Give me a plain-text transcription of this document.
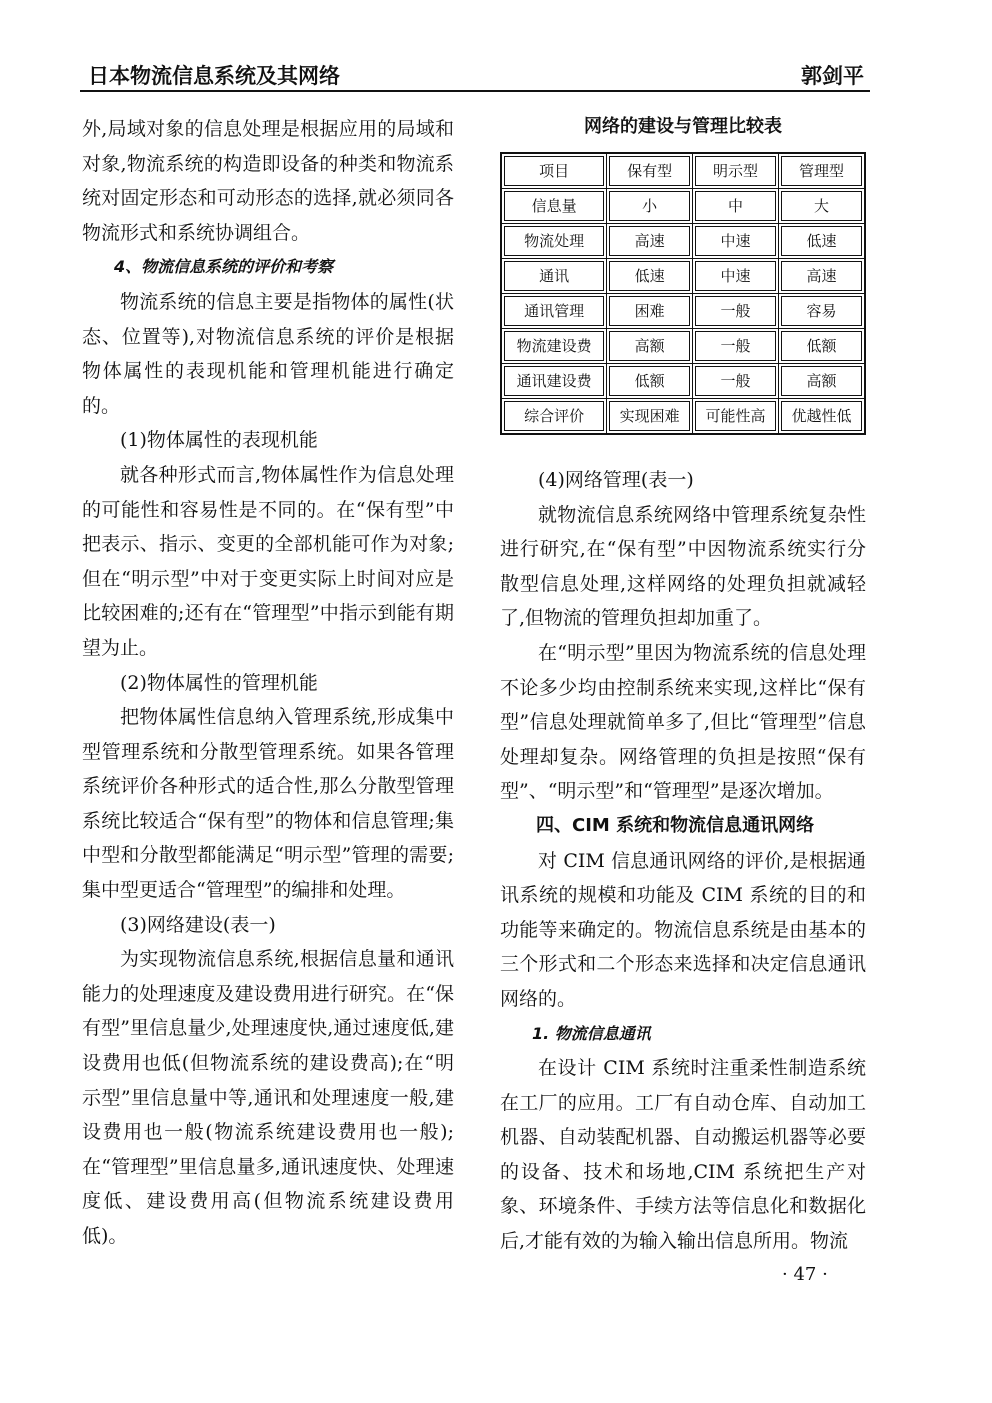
日本物流信息系统及其网络	郭剑平

外,局域对象的信息处理是根据应用的局域和对象,物流系统的构造即设备的种类和物流系统对固定形态和可动形态的选择,就必须同各物流形式和系统协调组合。

4、物流信息系统的评价和考察

物流系统的信息主要是指物体的属性(状态、位置等),对物流信息系统的评价是根据物体属性的表现机能和管理机能进行确定的。

(1)物体属性的表现机能

就各种形式而言,物体属性作为信息处理的可能性和容易性是不同的。在“保有型”中把表示、指示、变更的全部机能可作为对象;但在“明示型”中对于变更实际上时间对应是比较困难的;还有在“管理型”中指示到能有期望为止。

(2)物体属性的管理机能

把物体属性信息纳入管理系统,形成集中型管理系统和分散型管理系统。如果各管理系统评价各种形式的适合性,那么分散型管理系统比较适合“保有型”的物体和信息管理;集中型和分散型都能满足“明示型”管理的需要;集中型更适合“管理型”的编排和处理。

(3)网络建设(表一)

为实现物流信息系统,根据信息量和通讯能力的处理速度及建设费用进行研究。在“保有型”里信息量少,处理速度快,通过速度低,建设费用也低(但物流系统的建设费高);在“明示型”里信息量中等,通讯和处理速度一般,建设费用也一般(物流系统建设费用也一般);在“管理型”里信息量多,通讯速度快、处理速度低、建设费用高(但物流系统建设费用低)。

网络的建设与管理比较表
项目	保有型	明示型	管理型

信息量	小	中	大

物流处理	高速	中速	低速

通讯	低速	中速	高速

通讯管理	困难	一般	容易

物流建设费	高额	一般	低额

通讯建设费	低额	一般	高额

综合评价	实现困难	可能性高	优越性低

(4)网络管理(表一)

就物流信息系统网络中管理系统复杂性进行研究,在“保有型”中因物流系统实行分散型信息处理,这样网络的处理负担就减轻了,但物流的管理负担却加重了。

在“明示型”里因为物流系统的信息处理不论多少均由控制系统来实现,这样比“保有型”信息处理就简单多了,但比“管理型”信息处理却复杂。网络管理的负担是按照“保有型”、“明示型”和“管理型”是逐次增加。

四、CIM 系统和物流信息通讯网络

对 CIM 信息通讯网络的评价,是根据通讯系统的规模和功能及 CIM 系统的目的和功能等来确定的。物流信息系统是由基本的三个形式和二个形态来选择和决定信息通讯网络的。

1. 物流信息通讯

在设计 CIM 系统时注重柔性制造系统在工厂的应用。工厂有自动仓库、自动加工机器、自动装配机器、自动搬运机器等必要的设备、技术和场地,CIM 系统把生产对象、环境条件、手续方法等信息化和数据化后,才能有效的为输入输出信息所用。物流

· 47 ·
